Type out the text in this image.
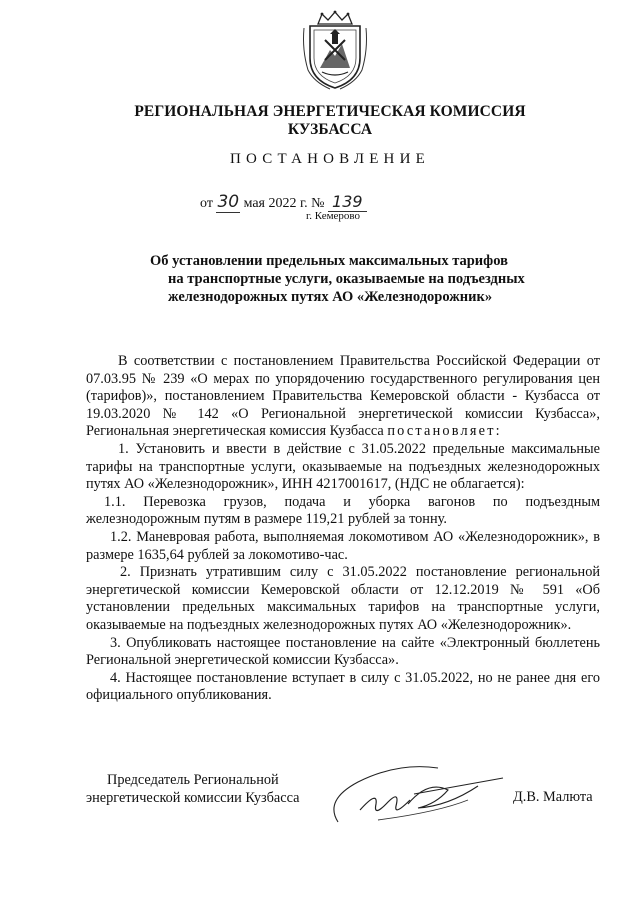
РЕГИОНАЛЬНАЯ ЭНЕРГЕТИЧЕСКАЯ КОМИССИЯ
КУЗБАССА
ПОСТАНОВЛЕНИЕ
от 30 мая 2022 г. № 139
г. Кемерово
Об установлении предельных максимальных тарифов
на транспортные услуги, оказываемые на подъездных
железнодорожных путях АО «Железнодорожник»

В соответствии с постановлением Правительства Российской Федерации от 07.03.95 № 239 «О мерах по упорядочению государственного регулирования цен (тарифов)», постановлением Правительства Кемеровской области - Кузбасса от 19.03.2020 № 142 «О Региональной энергетической комиссии Кузбасса», Региональная энергетическая комиссия Кузбасса постановляет:

1. Установить и ввести в действие с 31.05.2022 предельные максимальные тарифы на транспортные услуги, оказываемые на подъездных железнодорожных путях АО «Железнодорожник», ИНН 4217001617, (НДС не облагается):

1.1. Перевозка грузов, подача и уборка вагонов по подъездным железнодорожным путям в размере 119,21 рублей за тонну.

1.2. Маневровая работа, выполняемая локомотивом АО «Железнодорожник», в размере 1635,64 рублей за локомотиво-час.

2. Признать утратившим силу с 31.05.2022 постановление региональной энергетической комиссии Кемеровской области от 12.12.2019 № 591 «Об установлении предельных максимальных тарифов на транспортные услуги, оказываемые на подъездных железнодорожных путях АО «Железнодорожник».

3. Опубликовать настоящее постановление на сайте «Электронный бюллетень Региональной энергетической комиссии Кузбасса».

4. Настоящее постановление вступает в силу с 31.05.2022, но не ранее дня его официального опубликования.

Председатель Региональной
энергетической комиссии Кузбасса	Д.В. Малюта
